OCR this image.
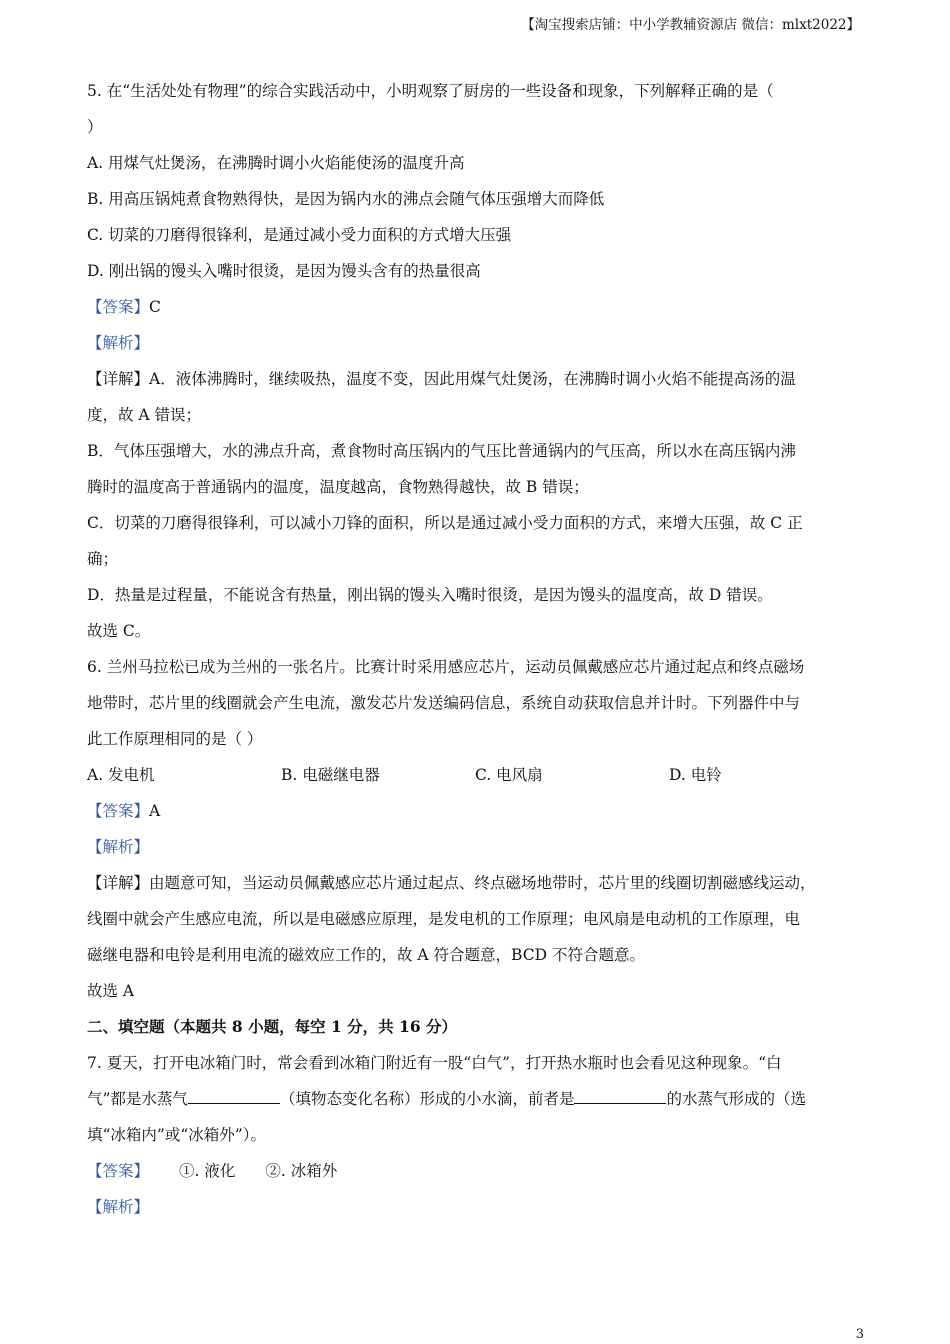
【淘宝搜索店铺：中小学教辅资源店 微信：mlxt2022】

5. 在“生活处处有物理”的综合实践活动中，小明观察了厨房的一些设备和现象，下列解释正确的是（

）

A. 用煤气灶煲汤，在沸腾时调小火焰能使汤的温度升高

B. 用高压锅炖煮食物熟得快，是因为锅内水的沸点会随气体压强增大而降低

C. 切菜的刀磨得很锋利，是通过减小受力面积的方式增大压强

D. 刚出锅的馒头入嘴时很烫，是因为馒头含有的热量很高

【答案】C

【解析】

【详解】A．液体沸腾时，继续吸热，温度不变，因此用煤气灶煲汤，在沸腾时调小火焰不能提高汤的温

度，故 A 错误；

B．气体压强增大，水的沸点升高，煮食物时高压锅内的气压比普通锅内的气压高，所以水在高压锅内沸

腾时的温度高于普通锅内的温度，温度越高，食物熟得越快，故 B 错误；

C．切菜的刀磨得很锋利，可以减小刀锋的面积，所以是通过减小受力面积的方式，来增大压强，故 C 正

确；

D．热量是过程量，不能说含有热量，刚出锅的馒头入嘴时很烫，是因为馒头的温度高，故 D 错误。

故选 C。

6. 兰州马拉松已成为兰州的一张名片。比赛计时采用感应芯片，运动员佩戴感应芯片通过起点和终点磁场

地带时，芯片里的线圈就会产生电流，激发芯片发送编码信息，系统自动获取信息并计时。下列器件中与

此工作原理相同的是（ ）

A. 发电机	B. 电磁继电器	C. 电风扇	D. 电铃

【答案】A

【解析】

【详解】由题意可知，当运动员佩戴感应芯片通过起点、终点磁场地带时，芯片里的线圈切割磁感线运动，

线圈中就会产生感应电流，所以是电磁感应原理，是发电机的工作原理；电风扇是电动机的工作原理，电

磁继电器和电铃是利用电流的磁效应工作的，故 A 符合题意，BCD 不符合题意。

故选 A

二、填空题（本题共 8 小题，每空 1 分，共 16 分）

7. 夏天，打开电冰箱门时，常会看到冰箱门附近有一股“白气”，打开热水瓶时也会看见这种现象。“白

气”都是水蒸气	（填物态变化名称）形成的小水滴，前者是	的水蒸气形成的（选

填“冰箱内”或“冰箱外”）。

【答案】 ①. 液化 ②. 冰箱外

【解析】

3
